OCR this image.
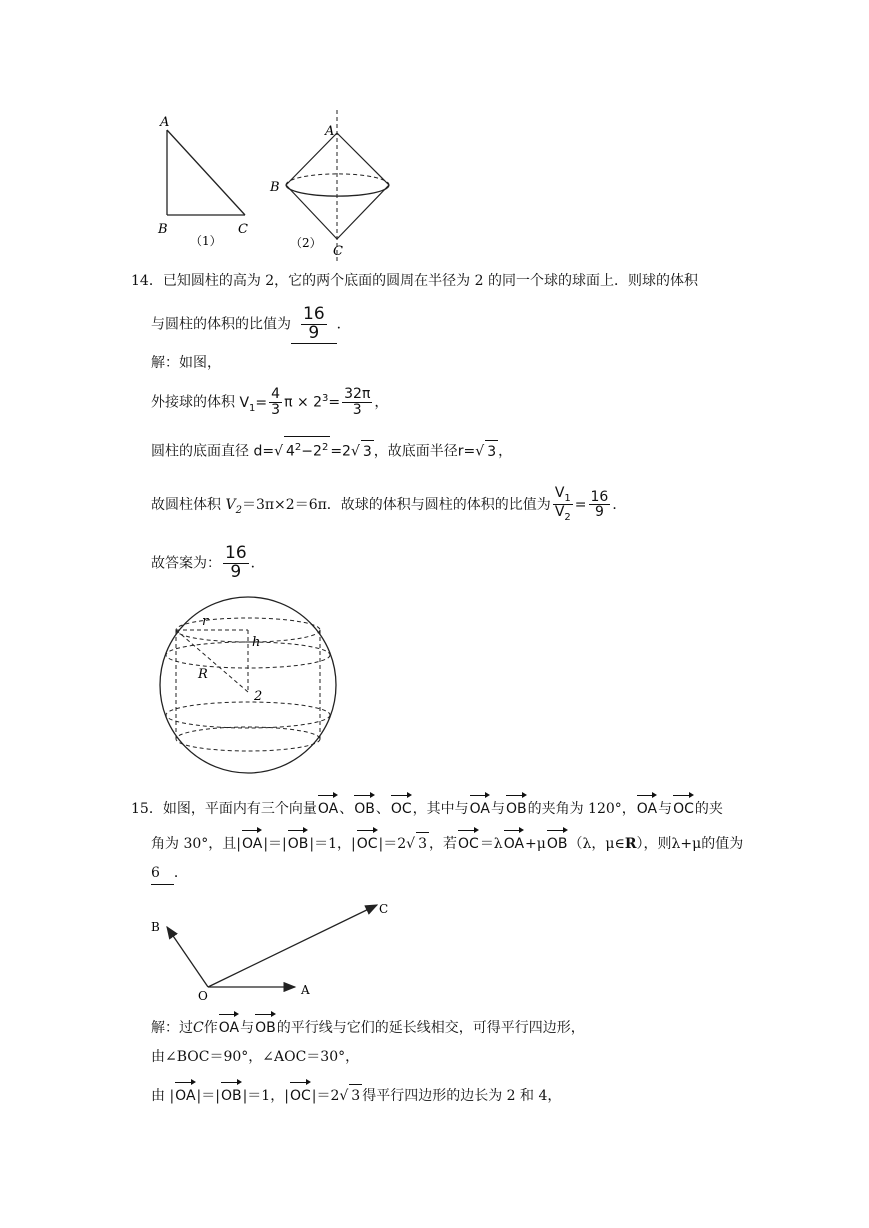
A
B	C
（1）
A
B
C
（2）
14．已知圆柱的高为 2，它的两个底面的圆周在半径为 2 的同一个球的球面上．则球的体积
与圆柱的体积的比值为 $\frac{16}{9}$ ．
解：如图，
外接球的体积 $V_1= \frac{4}{3}$ $\pi \times 2^3= \frac{32\pi}{3}$ ，
圆柱的底面直径 d=√ $4^2-2^2 =2√$ 3 ，故底面半径r=√ 3 ，
故圆柱体积 $V_2=3\pi\times 2=6\pi$．故球的体积与圆柱的体积的比值为 $\frac{V_1}{V_2} = \frac{16}{9}$ ．
故答案为： $\frac{16}{9}$ ．
r
h
R
2
15．如图，平面内有三个向量OA、OB、OC，其中与OA与OB的夹角为 120°，OA与OC的夹
角为 30°，且|OA|＝|OB|＝1，|OC|＝2√ 3 ，若OC＝λOA+μOB（λ，μ∈R），则λ+μ的值为
6 ．
A
B
C
O
解：过C作OA与OB的平行线与它们的延长线相交，可得平行四边形，
由∠BOC＝90°，∠AOC＝30°，
由 |OA|＝|OB|＝1，|OC|＝2√ 3 得平行四边形的边长为 2 和 4，
